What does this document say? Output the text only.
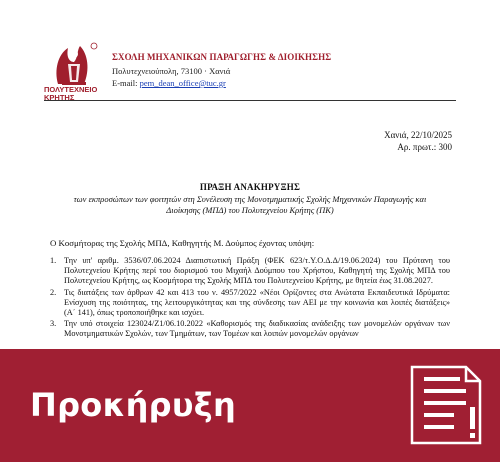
ΠΟΛΥΤΕΧΝΕΙΟ ΚΡΗΤΗΣ
ΣΧΟΛΗ ΜΗΧΑΝΙΚΩΝ ΠΑΡΑΓΩΓΗΣ & ΔΙΟΙΚΗΣΗΣ
Πολυτεχνειούπολη, 73100 · Χανιά
E-mail: pem_dean_office@tuc.gr
Χανιά, 22/10/2025
Αρ. πρωτ.: 300
ΠΡΑΞΗ ΑΝΑΚΗΡΥΞΗΣ
των εκπροσώπων των φοιτητών στη Συνέλευση της Μονοτμηματικής Σχολής Μηχανικών Παραγωγής και Διοίκησης (ΜΠΔ) του Πολυτεχνείου Κρήτης (ΠΚ)
Ο Κοσμήτορας της Σχολής ΜΠΔ, Καθηγητής Μ. Δούμπος έχοντας υπόψη:
1. Την υπ' αριθμ. 3536/07.06.2024 Διαπιστωτική Πράξη (ΦΕΚ 623/τ.Υ.Ο.Δ.Δ/19.06.2024) του Πρύτανη του Πολυτεχνείου Κρήτης περί του διορισμού του Μιχαήλ Δούμπου του Χρήστου, Καθηγητή της Σχολής ΜΠΔ του Πολυτεχνείου Κρήτης, ως Κοσμήτορα της Σχολής ΜΠΔ του Πολυτεχνείου Κρήτης, με θητεία έως 31.08.2027.
2. Τις διατάξεις των άρθρων 42 και 413 του ν. 4957/2022 «Νέοι Ορίζοντες στα Ανώτατα Εκπαιδευτικά Ιδρύματα: Ενίσχυση της ποιότητας, της λειτουργικότητας και της σύνδεσης των ΑΕΙ με την κοινωνία και λοιπές διατάξεις» (Α΄ 141), όπως τροποποιήθηκε και ισχύει.
3. Την υπό στοιχεία 123024/Ζ1/06.10.2022 «Καθορισμός της διαδικασίας ανάδειξης των μονομελών οργάνων των Μονοτμηματικών Σχολών, των Τμημάτων, των Τομέων και λοιπών μονομελών οργάνων
Προκήρυξη
